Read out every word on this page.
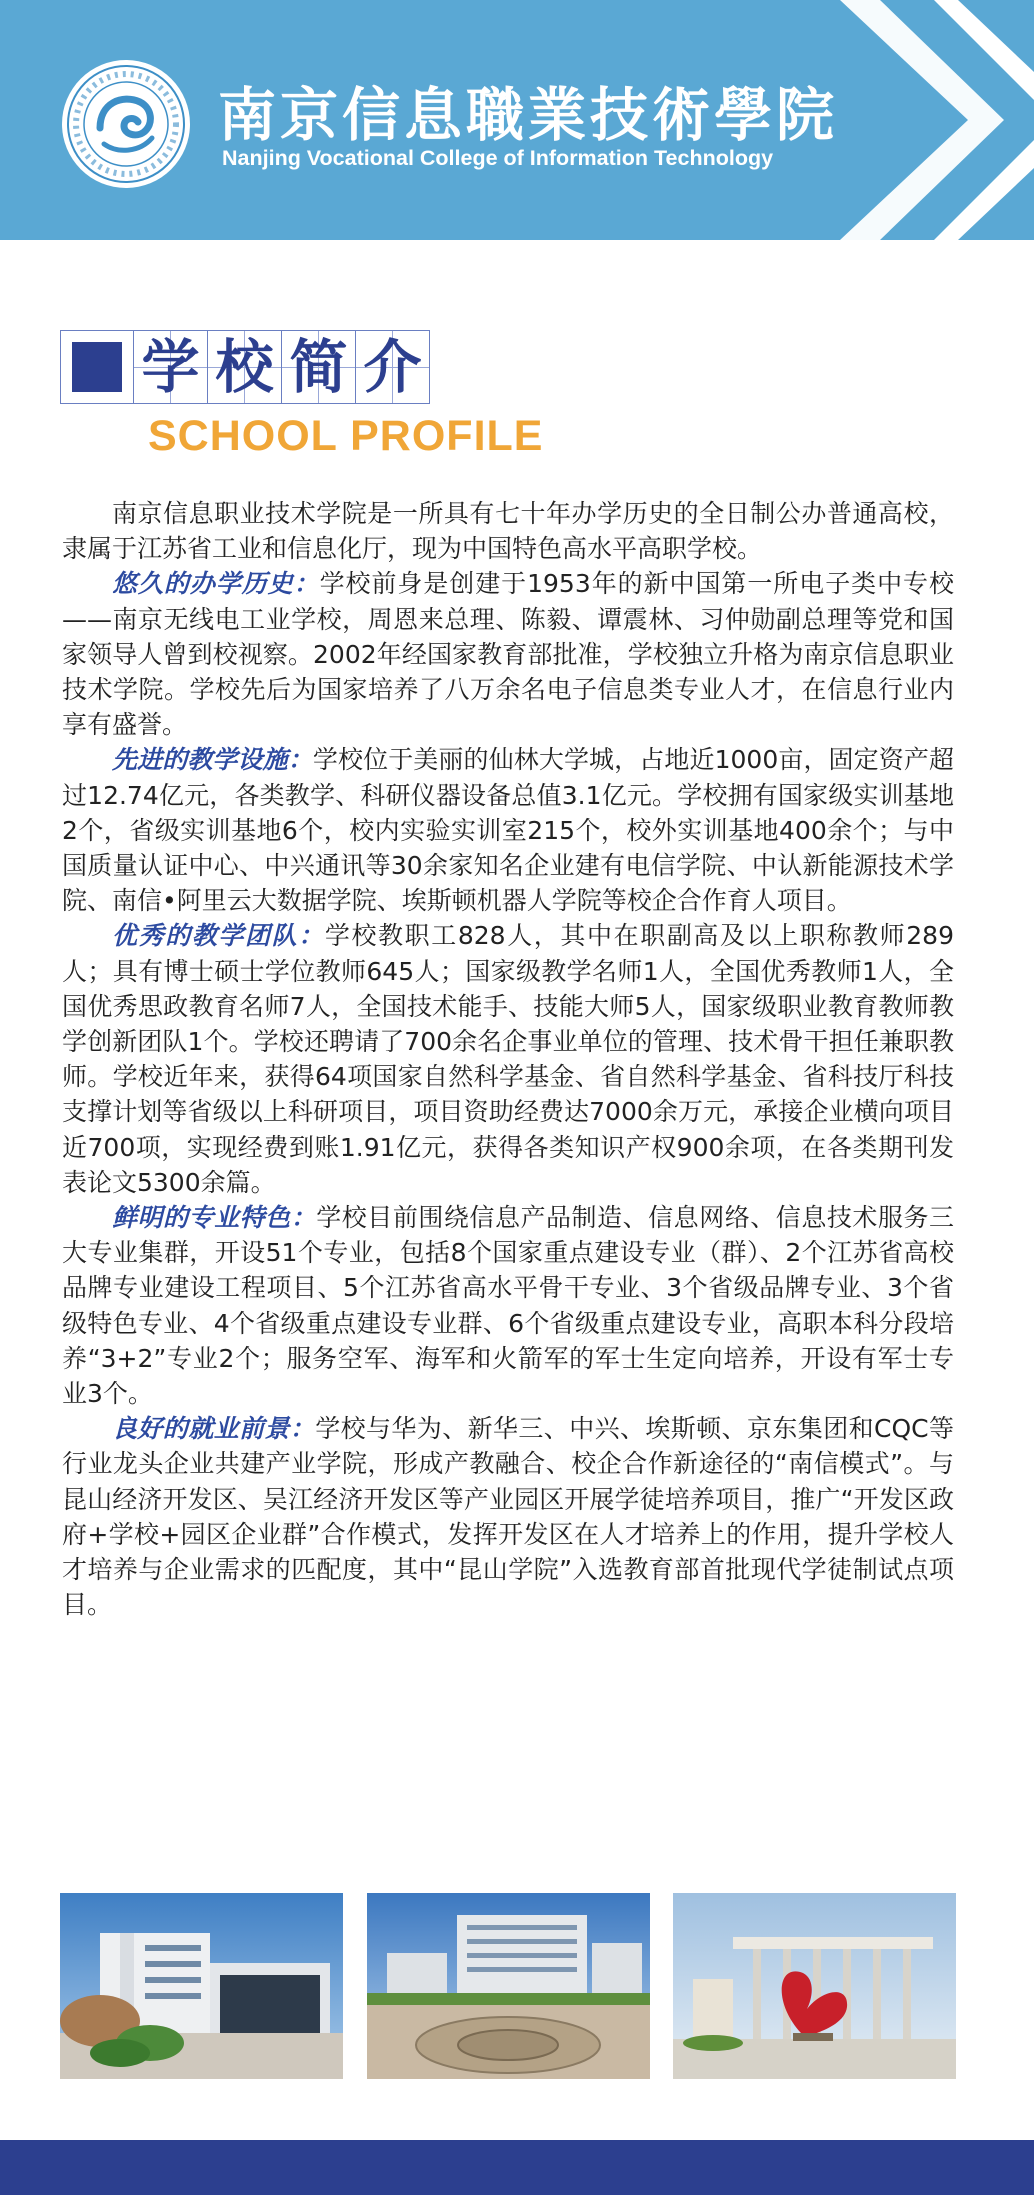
南京信息職業技術學院
Nanjing Vocational College of Information Technology
学 校 简 介
SCHOOL PROFILE

南京信息职业技术学院是一所具有七十年办学历史的全日制公办普通高校，隶属于江苏省工业和信息化厅，现为中国特色高水平高职学校。

悠久的办学历史：学校前身是创建于1953年的新中国第一所电子类中专校——南京无线电工业学校，周恩来总理、陈毅、谭震林、习仲勋副总理等党和国家领导人曾到校视察。2002年经国家教育部批准，学校独立升格为南京信息职业技术学院。学校先后为国家培养了八万余名电子信息类专业人才，在信息行业内享有盛誉。

先进的教学设施：学校位于美丽的仙林大学城，占地近1000亩，固定资产超过12.74亿元，各类教学、科研仪器设备总值3.1亿元。学校拥有国家级实训基地2个，省级实训基地6个，校内实验实训室215个，校外实训基地400余个；与中国质量认证中心、中兴通讯等30余家知名企业建有电信学院、中认新能源技术学院、南信•阿里云大数据学院、埃斯顿机器人学院等校企合作育人项目。

优秀的教学团队：学校教职工828人，其中在职副高及以上职称教师289人；具有博士硕士学位教师645人；国家级教学名师1人，全国优秀教师1人，全国优秀思政教育名师7人，全国技术能手、技能大师5人，国家级职业教育教师教学创新团队1个。学校还聘请了700余名企事业单位的管理、技术骨干担任兼职教师。学校近年来，获得64项国家自然科学基金、省自然科学基金、省科技厅科技支撑计划等省级以上科研项目，项目资助经费达7000余万元，承接企业横向项目近700项，实现经费到账1.91亿元，获得各类知识产权900余项，在各类期刊发表论文5300余篇。

鲜明的专业特色：学校目前围绕信息产品制造、信息网络、信息技术服务三大专业集群，开设51个专业，包括8个国家重点建设专业（群）、2个江苏省高校品牌专业建设工程项目、5个江苏省高水平骨干专业、3个省级品牌专业、3个省级特色专业、4个省级重点建设专业群、6个省级重点建设专业，高职本科分段培养“3+2”专业2个；服务空军、海军和火箭军的军士生定向培养，开设有军士专业3个。

良好的就业前景：学校与华为、新华三、中兴、埃斯顿、京东集团和CQC等行业龙头企业共建产业学院，形成产教融合、校企合作新途径的“南信模式”。与昆山经济开发区、吴江经济开发区等产业园区开展学徒培养项目，推广“开发区政府+学校+园区企业群”合作模式，发挥开发区在人才培养上的作用，提升学校人才培养与企业需求的匹配度，其中“昆山学院”入选教育部首批现代学徒制试点项目。
